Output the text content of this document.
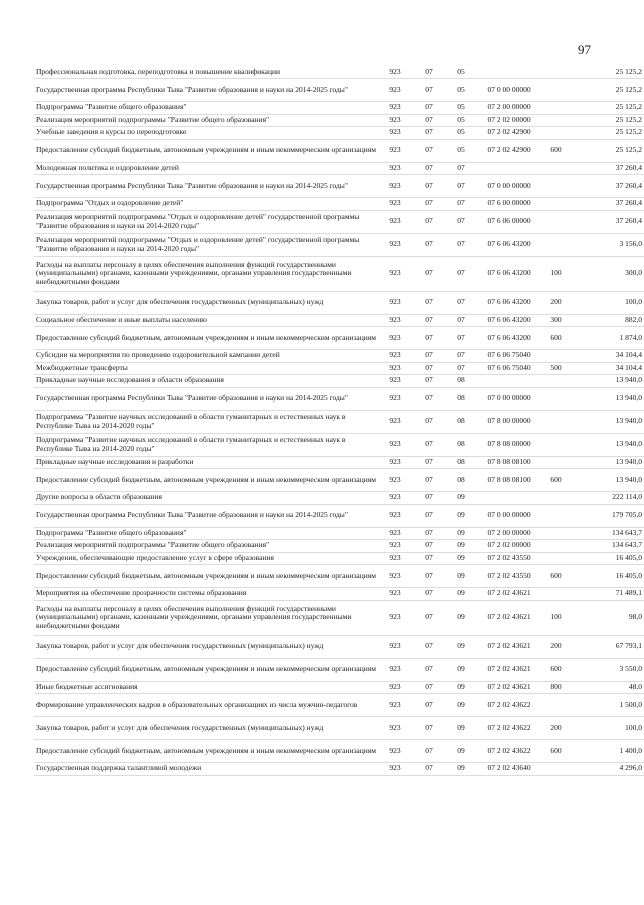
97
Профессиональная подготовка, переподготовка и повышение квалификации	923	07	05			25 125,2
Государственная программа Республики Тыва "Развитие образования и науки на 2014-2025 годы"	923	07	05	07 0 00 00000		25 125,2
Подпрограмма "Развитие общего образования"	923	07	05	07 2 00 00000		25 125,2
Реализация мероприятий подпрограммы "Развитие общего образования"	923	07	05	07 2 02 00000		25 125,2
Учебные заведения и курсы по переподготовке	923	07	05	07 2 02 42900		25 125,2
Предоставление субсидий бюджетным, автономным учреждениям и иным некоммерческим организациям	923	07	05	07 2 02 42900	600	25 125,2
Молодежная политика и оздоровление детей	923	07	07			37 260,4
Государственная программа Республики Тыва "Развитие образования и науки на 2014-2025 годы"	923	07	07	07 0 00 00000		37 260,4
Подпрограмма "Отдых и оздоровление детей"	923	07	07	07 6 00 00000		37 260,4
Реализация мероприятий подпрограммы "Отдых и оздоровление детей" государственной программы "Развитие образования и науки на 2014-2020 годы"	923	07	07	07 6 06 00000		37 260,4
Реализация мероприятий подпрограммы "Отдых и оздоровление детей" государственной программы "Развитие образования и науки на 2014-2020 годы"	923	07	07	07 6 06 43200		3 156,0
Расходы на выплаты персоналу в целях обеспечения выполнения функций государственными (муниципальными) органами, казенными учреждениями, органами управления государственными внебюджетными фондами	923	07	07	07 6 06 43200	100	300,0
Закупка товаров, работ и услуг для обеспечения государственных (муниципальных) нужд	923	07	07	07 6 06 43200	200	100,0
Социальное обеспечение и иные выплаты населению	923	07	07	07 6 06 43200	300	882,0
Предоставление субсидий бюджетным, автономным учреждениям и иным некоммерческим организациям	923	07	07	07 6 06 43200	600	1 874,0
Субсидии на мероприятия по проведению оздоровительной кампании детей	923	07	07	07 6 06 75040		34 104,4
Межбюджетные трансферты	923	07	07	07 6 06 75040	500	34 104,4
Прикладные научные исследования в области образования	923	07	08			13 940,0
Государственная программа Республики Тыва "Развитие образования и науки на 2014-2025 годы"	923	07	08	07 0 00 00000		13 940,0
Подпрограмма "Развитие научных исследований в области гуманитарных и естественных наук в Республике Тыва на 2014-2020 годы"	923	07	08	07 8 00 00000		13 940,0
Подпрограмма "Развитие научных исследований в области гуманитарных и естественных наук в Республике Тыва на 2014-2020 годы"	923	07	08	07 8 08 00000		13 940,0
Прикладные научные исследования и разработки	923	07	08	07 8 08 08100		13 940,0
Предоставление субсидий бюджетным, автономным учреждениям и иным некоммерческим организациям	923	07	08	07 8 08 08100	600	13 940,0
Другие вопросы в области образования	923	07	09			222 114,0
Государственная программа Республики Тыва "Развитие образования и науки на 2014-2025 годы"	923	07	09	07 0 00 00000		179 705,0
Подпрограмма "Развитие общего образования"	923	07	09	07 2 00 00000		134 643,7
Реализация мероприятий подпрограммы "Развитие общего образования"	923	07	09	07 2 02 00000		134 643,7
Учреждения, обеспечивающие предоставление услуг в сфере образования	923	07	09	07 2 02 43550		16 405,0
Предоставление субсидий бюджетным, автономным учреждениям и иным некоммерческим организациям	923	07	09	07 2 02 43550	600	16 405,0
Мероприятия на обеспечение прозрачности системы образования	923	07	09	07 2 02 43621		71 489,1
Расходы на выплаты персоналу в целях обеспечения выполнения функций государственными (муниципальными) органами, казенными учреждениями, органами управления государственными внебюджетными фондами	923	07	09	07 2 02 43621	100	98,0
Закупка товаров, работ и услуг для обеспечения государственных (муниципальных) нужд	923	07	09	07 2 02 43621	200	67 793,1
Предоставление субсидий бюджетным, автономным учреждениям и иным некоммерческим организациям	923	07	09	07 2 02 43621	600	3 550,0
Иные бюджетные ассигнования	923	07	09	07 2 02 43621	800	48,0
Формирование управленческих кадров в образовательных организациях из числа мужчин-педагогов	923	07	09	07 2 02 43622		1 500,0
Закупка товаров, работ и услуг для обеспечения государственных (муниципальных) нужд	923	07	09	07 2 02 43622	200	100,0
Предоставление субсидий бюджетным, автономным учреждениям и иным некоммерческим организациям	923	07	09	07 2 02 43622	600	1 400,0
Государственная поддержка талантливой молодежи	923	07	09	07 2 02 43640		4 296,0
